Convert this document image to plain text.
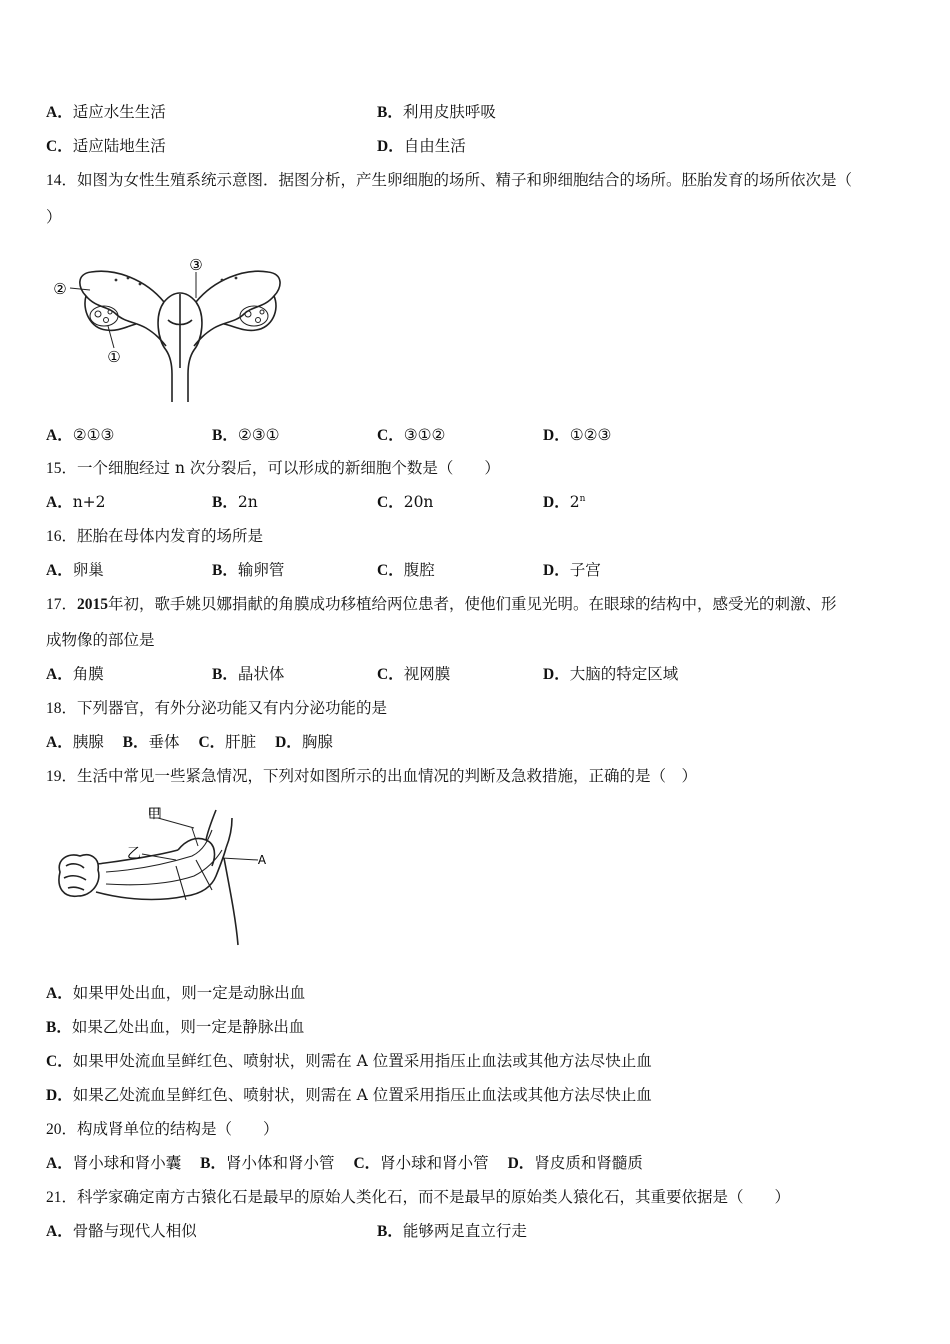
A．适应水生生活	B．利用皮肤呼吸
C．适应陆地生活	D．自由生活
14．如图为女性生殖系统示意图．据图分析，产生卵细胞的场所、精子和卵细胞结合的场所。胚胎发育的场所依次是（
）
②
③
①
A．②①③	B．②③①	C．③①②	D．①②③
15．一个细胞经过 n 次分裂后，可以形成的新细胞个数是（　　）
A．n+2	B．2n	C．20n	D．2$^n$
16．胚胎在母体内发育的场所是
A．卵巢	B．输卵管	C．腹腔	D．子宫
17．2015年初，歌手姚贝娜捐献的角膜成功移植给两位患者，使他们重见光明。在眼球的结构中，感受光的刺激、形
成物像的部位是
A．角膜	B．晶状体	C．视网膜	D．大脑的特定区域
18．下列器官，有外分泌功能又有内分泌功能的是
A．胰腺 B．垂体 C．肝脏 D．胸腺
19．生活中常见一些紧急情况，下列对如图所示的出血情况的判断及急救措施，正确的是（　）
甲
乙	A
A．如果甲处出血，则一定是动脉出血
B．如果乙处出血，则一定是静脉出血
C．如果甲处流血呈鲜红色、喷射状，则需在 A 位置采用指压止血法或其他方法尽快止血
D．如果乙处流血呈鲜红色、喷射状，则需在 A 位置采用指压止血法或其他方法尽快止血
20．构成肾单位的结构是（　　）
A．肾小球和肾小囊 B．肾小体和肾小管 C．肾小球和肾小管 D．肾皮质和肾髓质
21．科学家确定南方古猿化石是最早的原始人类化石，而不是最早的原始类人猿化石，其重要依据是（　　）
A．骨骼与现代人相似	B．能够两足直立行走
